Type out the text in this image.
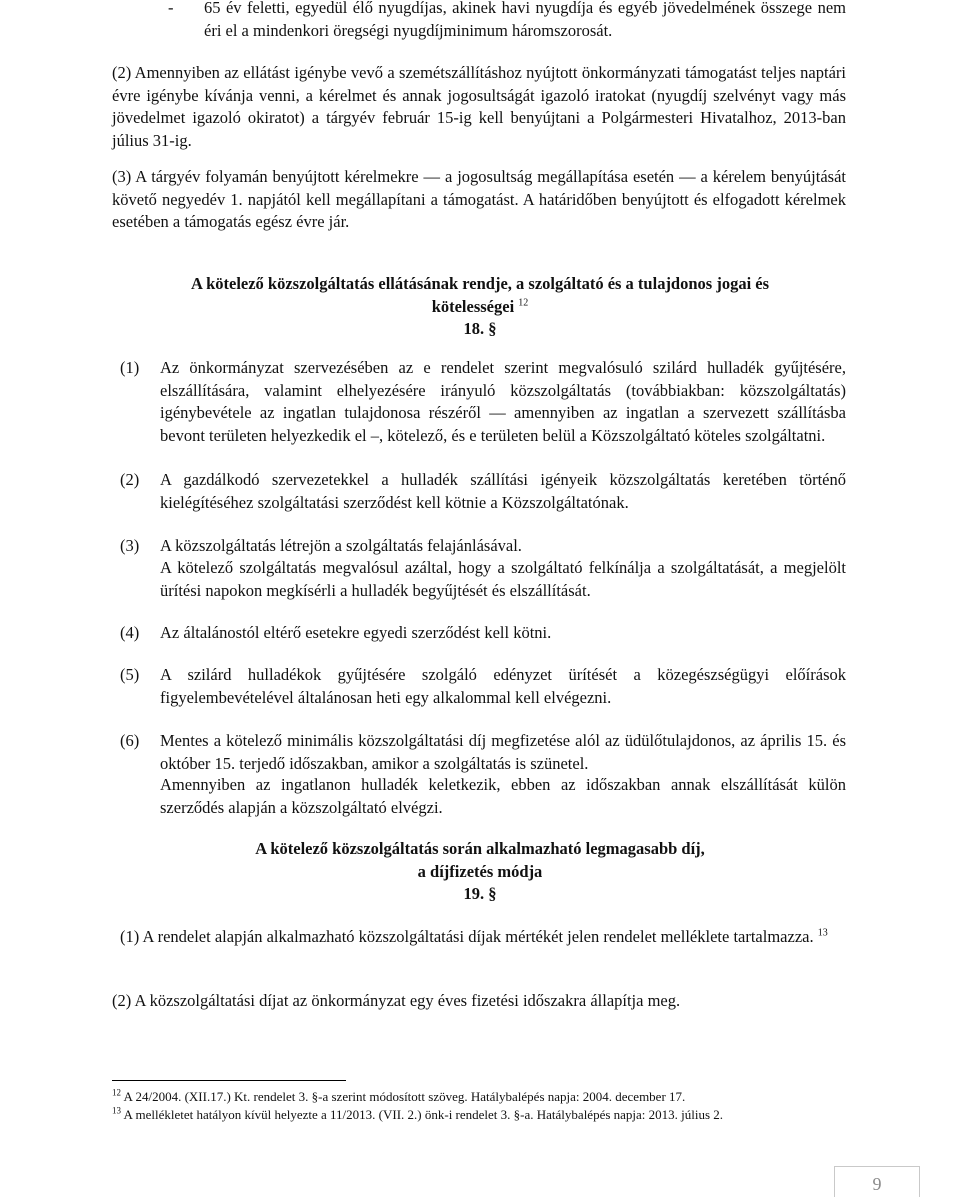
- 65 év feletti, egyedül élő nyugdíjas, akinek havi nyugdíja és egyéb jövedelmének összege nem éri el a mindenkori öregségi nyugdíjminimum háromszorosát.
(2) Amennyiben az ellátást igénybe vevő a szemétszállításhoz nyújtott önkormányzati támogatást teljes naptári évre igénybe kívánja venni, a kérelmet és annak jogosultságát igazoló iratokat (nyugdíj szelvényt vagy más jövedelmet igazoló okiratot) a tárgyév február 15-ig kell benyújtani a Polgármesteri Hivatalhoz, 2013-ban július 31-ig.
(3) A tárgyév folyamán benyújtott kérelmekre — a jogosultság megállapítása esetén — a kérelem benyújtását követő negyedév 1. napjától kell megállapítani a támogatást. A határidőben benyújtott és elfogadott kérelmek esetében a támogatás egész évre jár.
A kötelező közszolgáltatás ellátásának rendje, a szolgáltató és a tulajdonos jogai és
kötelességei $^{12}$
18. §
(1) Az önkormányzat szervezésében az e rendelet szerint megvalósuló szilárd hulladék gyűjtésére, elszállítására, valamint elhelyezésére irányuló közszolgáltatás (továbbiakban: közszolgáltatás) igénybevétele az ingatlan tulajdonosa részéről — amennyiben az ingatlan a szervezett szállításba bevont területen helyezkedik el –, kötelező, és e területen belül a Közszolgáltató köteles szolgáltatni.
(2) A gazdálkodó szervezetekkel a hulladék szállítási igényeik közszolgáltatás keretében történő kielégítéséhez szolgáltatási szerződést kell kötnie a Közszolgáltatónak.
(3) A közszolgáltatás létrejön a szolgáltatás felajánlásával.
A kötelező szolgáltatás megvalósul azáltal, hogy a szolgáltató felkínálja a szolgáltatását, a megjelölt ürítési napokon megkísérli a hulladék begyűjtését és elszállítását.
(4) Az általánostól eltérő esetekre egyedi szerződést kell kötni.
(5) A szilárd hulladékok gyűjtésére szolgáló edényzet ürítését a közegészségügyi előírások figyelembevételével általánosan heti egy alkalommal kell elvégezni.
(6) Mentes a kötelező minimális közszolgáltatási díj megfizetése alól az üdülőtulajdonos, az április 15. és október 15. terjedő időszakban, amikor a szolgáltatás is szünetel.
Amennyiben az ingatlanon hulladék keletkezik, ebben az időszakban annak elszállítását külön szerződés alapján a közszolgáltató elvégzi.
A kötelező közszolgáltatás során alkalmazható legmagasabb díj,
a díjfizetés módja
19. §
(1) A rendelet alapján alkalmazható közszolgáltatási díjak mértékét jelen rendelet melléklete tartalmazza. $^{13}$
(2) A közszolgáltatási díjat az önkormányzat egy éves fizetési időszakra állapítja meg.
$^{12}$ A 24/2004. (XII.17.) Kt. rendelet 3. §-a szerint módosított szöveg. Hatálybalépés napja: 2004. december 17.
$^{13}$ A mellékletet hatályon kívül helyezte a 11/2013. (VII. 2.) önk-i rendelet 3. §-a. Hatálybalépés napja: 2013. július 2.
9
